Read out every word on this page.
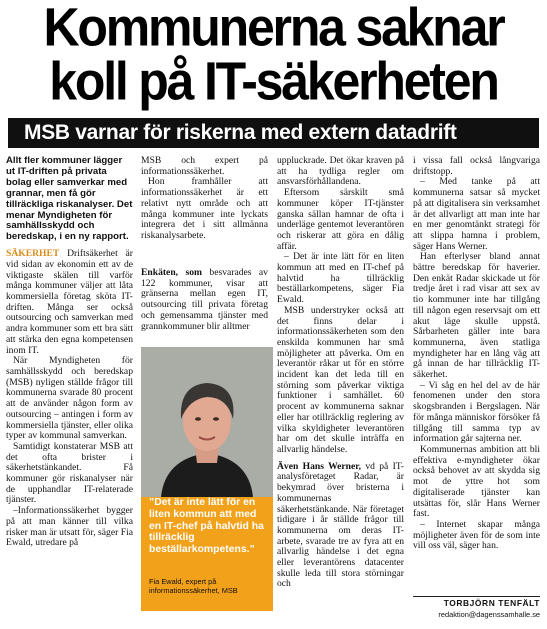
Kommunerna saknar
koll på IT-säkerheten
MSB varnar för riskerna med extern datadrift
Allt fler kommuner lägger ut IT-driften på privata bolag eller samverkar med grannar, men få gör tillräckliga riskanalyser. Det menar Myndigheten för samhällsskydd och beredskap, i en ny rapport.

SÄKERHET Driftsäkerhet är vid sidan av ekonomin ett av de viktigaste skälen till varför många kommuner väljer att låta kommersiella företag sköta IT-driften. Många ser också outsourcing och samverkan med andra kommuner som ett bra sätt att stärka den egna kompetensen inom IT.

När Myndigheten för samhällsskydd och beredskap (MSB) nyligen ställde frågor till kommunerna svarade 80 procent att de använder någon form av outsourcing – antingen i form av kommersiella tjänster, eller olika typer av kommunal samverkan.

Samtidigt konstaterar MSB att det ofta brister i säkerhetstänkandet. Få kommuner gör riskanalyser när de upphandlar IT-relaterade tjänster.

–Informationssäkerhet bygger på att man känner till vilka risker man är utsatt för, säger Fia Ewald, utredare på

MSB och expert på informationssäkerhet.

Hon framhåller att informationssäkerhet är ett relativt nytt område och att många kommuner inte lyckats integrera det i sitt allmänna riskanalysarbete.

Enkäten, som besvarades av 122 kommuner, visar att gränserna mellan egen IT, outsourcing till privata företag och gemensamma tjänster med grannkommuner blir alltmer

”Det är inte lätt för en liten kommun att med en IT-chef på halvtid ha tillräcklig beställarkompetens.”
Fia Ewald, expert på informationssäkerhet, MSB

uppluckrade. Det ökar kraven på att ha tydliga regler om ansvarsförhållandena.

Eftersom särskilt små kommuner köper IT-tjänster ganska sällan hamnar de ofta i underläge gentemot leverantören och riskerar att göra en dålig affär.

– Det är inte lätt för en liten kommun att med en IT-chef på halvtid ha tillräcklig beställarkompetens, säger Fia Ewald.

MSB understryker också att det finns delar i informationssäkerheten som den enskilda kommunen har små möjligheter att påverka. Om en leverantör råkar ut för en större incident kan det leda till en störning som påverkar viktiga funktioner i samhället. 60 procent av kommunerna saknar eller har otillräcklig reglering av vilka skyldigheter leverantören har om det skulle inträffa en allvarlig händelse.

Även Hans Werner, vd på IT-analysföretaget Radar, är bekymrad över bristerna i kommunernas säkerhetstänkande. När företaget tidigare i år ställde frågor till kommunerna om deras IT-arbete, svarade tre av fyra att en allvarlig händelse i det egna eller leverantörens datacenter skulle leda till stora störningar och

i vissa fall också långvariga driftstopp.

– Med tanke på att kommunerna satsar så mycket på att digitalisera sin verksamhet är det allvarligt att man inte har en mer genomtänkt strategi för att slippa hamna i problem, säger Hans Werner.

Han efterlyser bland annat bättre beredskap för haverier. Den enkät Radar skickade ut för tredje året i rad visar att sex av tio kommuner inte har tillgång till någon egen reservsajt om ett akut läge skulle uppstå. Sårbarheten gäller inte bara kommunerna, även statliga myndigheter har en lång väg att gå innan de har tillräcklig IT-säkerhet.

– Vi såg en hel del av de här fenomenen under den stora skogsbranden i Bergslagen. När för många människor försöker få tillgång till samma typ av information går sajterna ner.

Kommunernas ambition att bli effektiva e-myndigheter ökar också behovet av att skydda sig mot de yttre hot som digitaliserade tjänster kan utsättas för, slår Hans Werner fast.

– Internet skapar många möjligheter även för de som inte vill oss väl, säger han.

TORBJÖRN TENFÄLT
redaktion@dagenssamhalle.se
